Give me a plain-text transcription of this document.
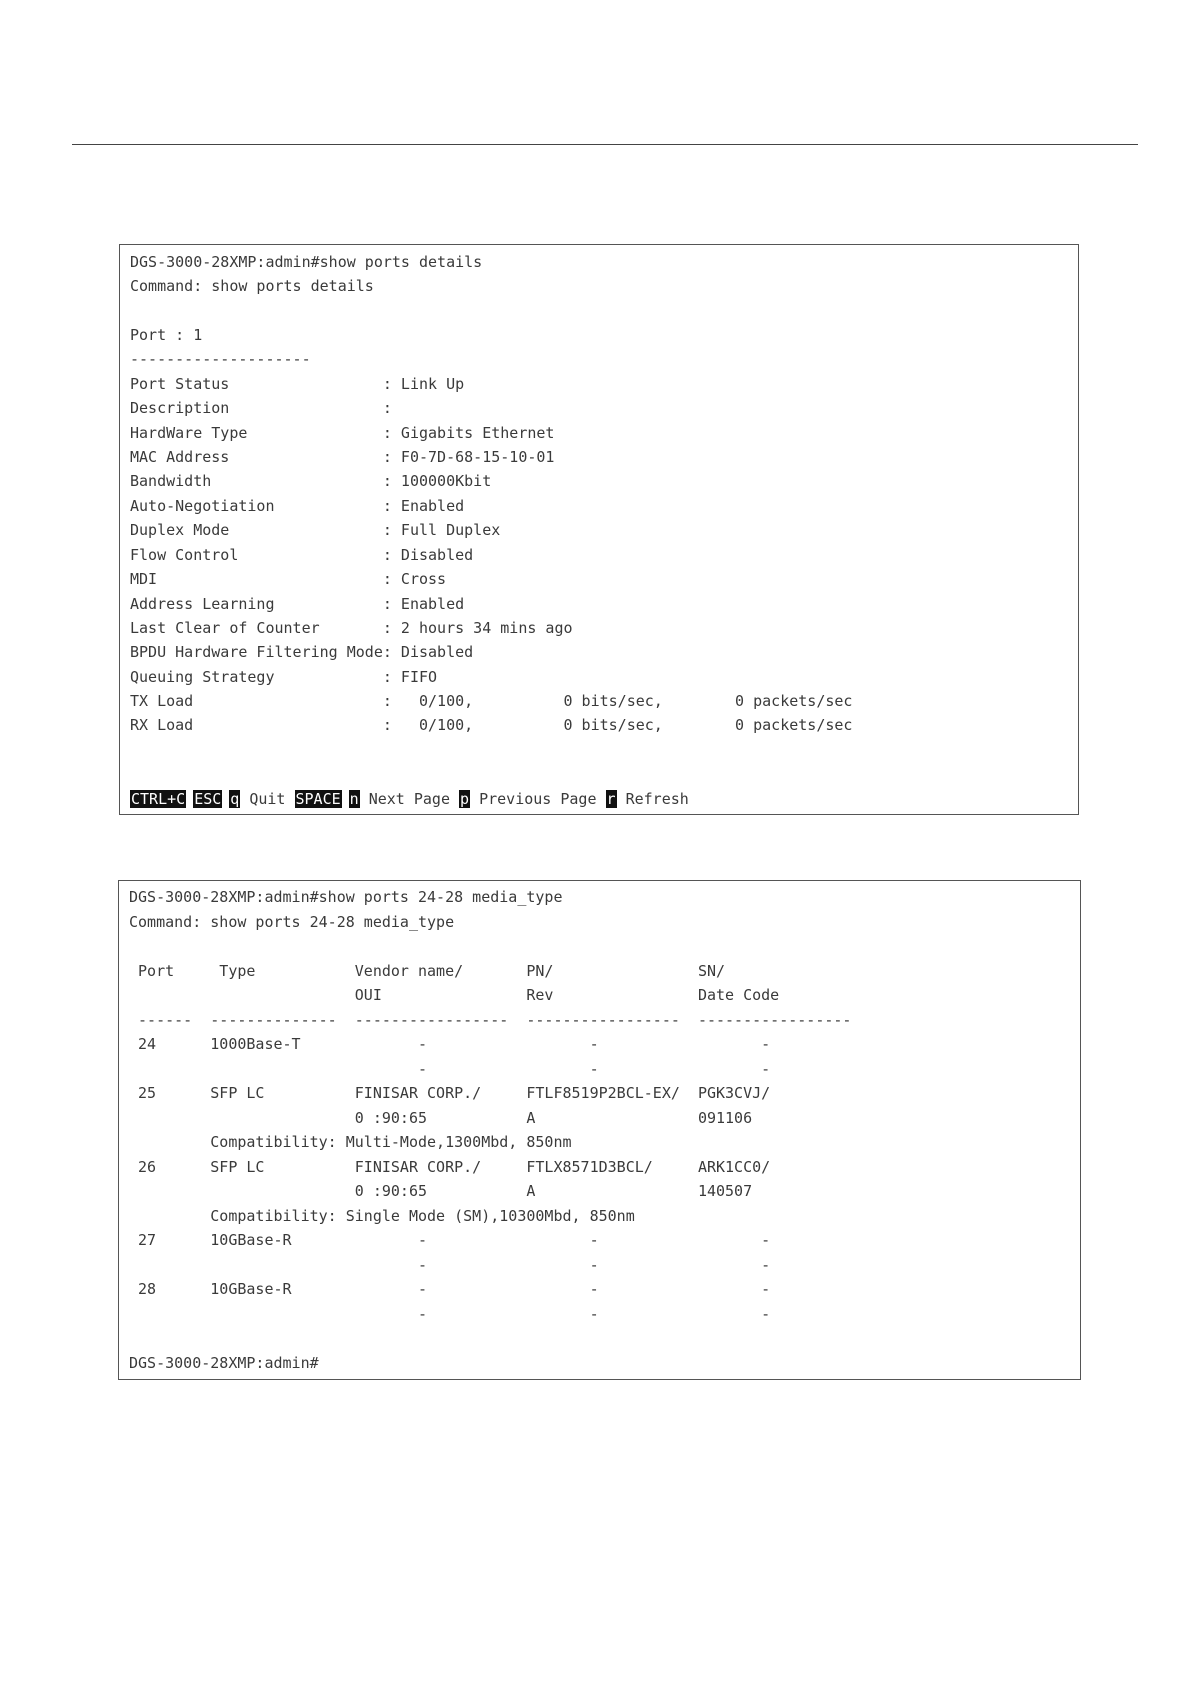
DGS-3000-28XMP:admin#show ports details
Command: show ports details
Port : 1
--------------------
Port Status                 : Link Up
Description                 :
HardWare Type               : Gigabits Ethernet
MAC Address                 : F0-7D-68-15-10-01
Bandwidth                   : 100000Kbit
Auto-Negotiation            : Enabled
Duplex Mode                 : Full Duplex
Flow Control                : Disabled
MDI                         : Cross
Address Learning            : Enabled
Last Clear of Counter       : 2 hours 34 mins ago
BPDU Hardware Filtering Mode: Disabled
Queuing Strategy            : FIFO
TX Load                     :   0/100,          0 bits/sec,        0 packets/sec
RX Load                     :   0/100,          0 bits/sec,        0 packets/sec
CTRL+C ESC q Quit SPACE n Next Page p Previous Page r Refresh
DGS-3000-28XMP:admin#show ports 24-28 media_type
Command: show ports 24-28 media_type
Port     Type           Vendor name/       PN/                SN/
OUI                Rev                Date Code
------  --------------  -----------------  -----------------  -----------------
24      1000Base-T             -                  -                  -
-                  -                  -
25      SFP LC          FINISAR CORP./     FTLF8519P2BCL-EX/  PGK3CVJ/
0 :90:65           A                  091106
Compatibility: Multi-Mode,1300Mbd, 850nm
26      SFP LC          FINISAR CORP./     FTLX8571D3BCL/     ARK1CC0/
0 :90:65           A                  140507
Compatibility: Single Mode (SM),10300Mbd, 850nm
27      10GBase-R              -                  -                  -
-                  -                  -
28      10GBase-R              -                  -                  -
-                  -                  -
DGS-3000-28XMP:admin#
